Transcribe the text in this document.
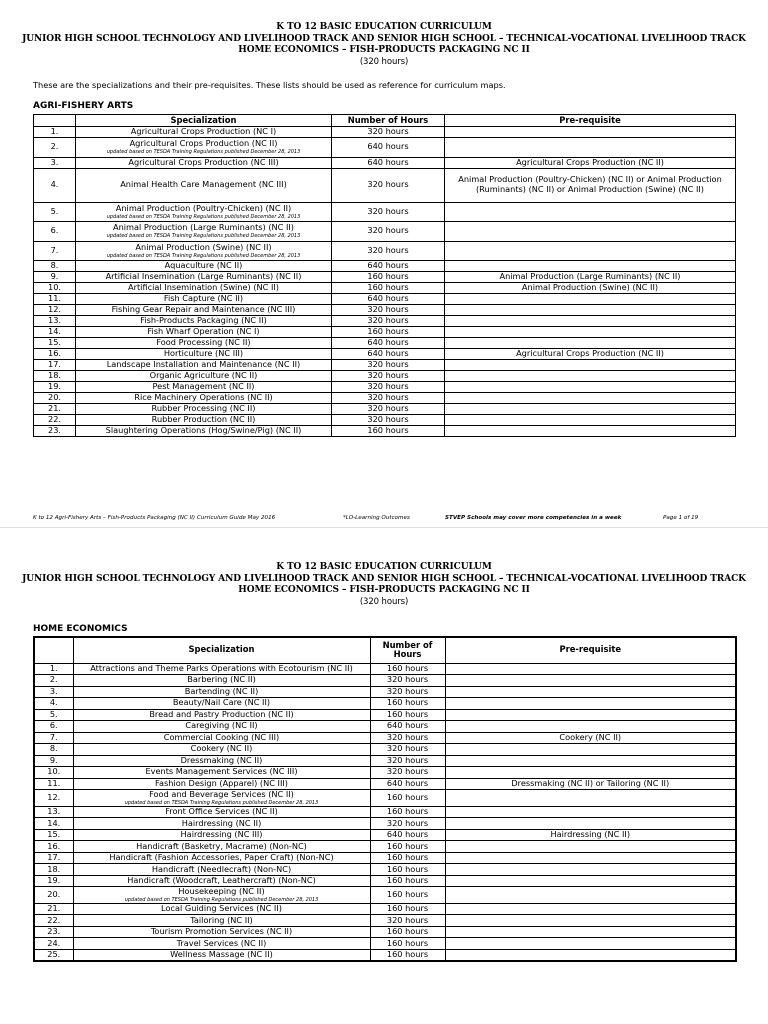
K TO 12 BASIC EDUCATION CURRICULUM
JUNIOR HIGH SCHOOL TECHNOLOGY AND LIVELIHOOD TRACK AND SENIOR HIGH SCHOOL – TECHNICAL-VOCATIONAL LIVELIHOOD TRACK
HOME ECONOMICS – FISH-PRODUCTS PACKAGING NC II
(320 hours)
These are the specializations and their pre-requisites. These lists should be used as reference for curriculum maps.
AGRI-FISHERY ARTS
	Specialization	Number of Hours	Pre-requisite
1.	Agricultural Crops Production (NC I)	320 hours	
2.	Agricultural Crops Production (NC II)
updated based on TESDA Training Regulations published December 28, 2013	640 hours	
3.	Agricultural Crops Production (NC III)	640 hours	Agricultural Crops Production (NC II)
4.	Animal Health Care Management (NC III)	320 hours	Animal Production (Poultry-Chicken) (NC II) or Animal Production (Ruminants) (NC II) or Animal Production (Swine) (NC II)
5.	Animal Production (Poultry-Chicken) (NC II)
updated based on TESDA Training Regulations published December 28, 2013	320 hours	
6.	Animal Production (Large Ruminants) (NC II)
updated based on TESDA Training Regulations published December 28, 2013	320 hours	
7.	Animal Production (Swine) (NC II)
updated based on TESDA Training Regulations published December 28, 2013	320 hours	
8.	Aquaculture (NC II)	640 hours	
9.	Artificial Insemination (Large Ruminants) (NC II)	160 hours	Animal Production (Large Ruminants) (NC II)
10.	Artificial Insemination (Swine) (NC II)	160 hours	Animal Production (Swine) (NC II)
11.	Fish Capture (NC II)	640 hours	
12.	Fishing Gear Repair and Maintenance (NC III)	320 hours	
13.	Fish-Products Packaging (NC II)	320 hours	
14.	Fish Wharf Operation (NC I)	160 hours	
15.	Food Processing (NC II)	640 hours	
16.	Horticulture (NC III)	640 hours	Agricultural Crops Production (NC II)
17.	Landscape Installation and Maintenance (NC II)	320 hours	
18.	Organic Agriculture (NC II)	320 hours	
19.	Pest Management (NC II)	320 hours	
20.	Rice Machinery Operations (NC II)	320 hours	
21.	Rubber Processing (NC II)	320 hours	
22.	Rubber Production (NC II)	320 hours	
23.	Slaughtering Operations (Hog/Swine/Pig) (NC II)	160 hours	
K to 12 Agri-Fishery Arts – Fish-Products Packaging (NC II) Curriculum Guide May 2016	*LO-Learning Outcomes	STVEP Schools may cover more competencies in a week	Page 1 of 19
K TO 12 BASIC EDUCATION CURRICULUM
JUNIOR HIGH SCHOOL TECHNOLOGY AND LIVELIHOOD TRACK AND SENIOR HIGH SCHOOL – TECHNICAL-VOCATIONAL LIVELIHOOD TRACK
HOME ECONOMICS – FISH-PRODUCTS PACKAGING NC II
(320 hours)
HOME ECONOMICS
	Specialization	Number of Hours	Pre-requisite
1.	Attractions and Theme Parks Operations with Ecotourism (NC II)	160 hours	
2.	Barbering (NC II)	320 hours	
3.	Bartending (NC II)	320 hours	
4.	Beauty/Nail Care (NC II)	160 hours	
5.	Bread and Pastry Production (NC II)	160 hours	
6.	Caregiving (NC II)	640 hours	
7.	Commercial Cooking (NC III)	320 hours	Cookery (NC II)
8.	Cookery (NC II)	320 hours	
9.	Dressmaking (NC II)	320 hours	
10.	Events Management Services (NC III)	320 hours	
11.	Fashion Design (Apparel) (NC III)	640 hours	Dressmaking (NC II) or Tailoring (NC II)
12.	Food and Beverage Services (NC II)
updated based on TESDA Training Regulations published December 28, 2013	160 hours	
13.	Front Office Services (NC II)	160 hours	
14.	Hairdressing (NC II)	320 hours	
15.	Hairdressing (NC III)	640 hours	Hairdressing (NC II)
16.	Handicraft (Basketry, Macrame) (Non-NC)	160 hours	
17.	Handicraft (Fashion Accessories, Paper Craft) (Non-NC)	160 hours	
18.	Handicraft (Needlecraft) (Non-NC)	160 hours	
19.	Handicraft (Woodcraft, Leathercraft) (Non-NC)	160 hours	
20.	Housekeeping (NC II)
updated based on TESDA Training Regulations published December 28, 2013	160 hours	
21.	Local Guiding Services (NC II)	160 hours	
22.	Tailoring (NC II)	320 hours	
23.	Tourism Promotion Services (NC II)	160 hours	
24.	Travel Services (NC II)	160 hours	
25.	Wellness Massage (NC II)	160 hours	
